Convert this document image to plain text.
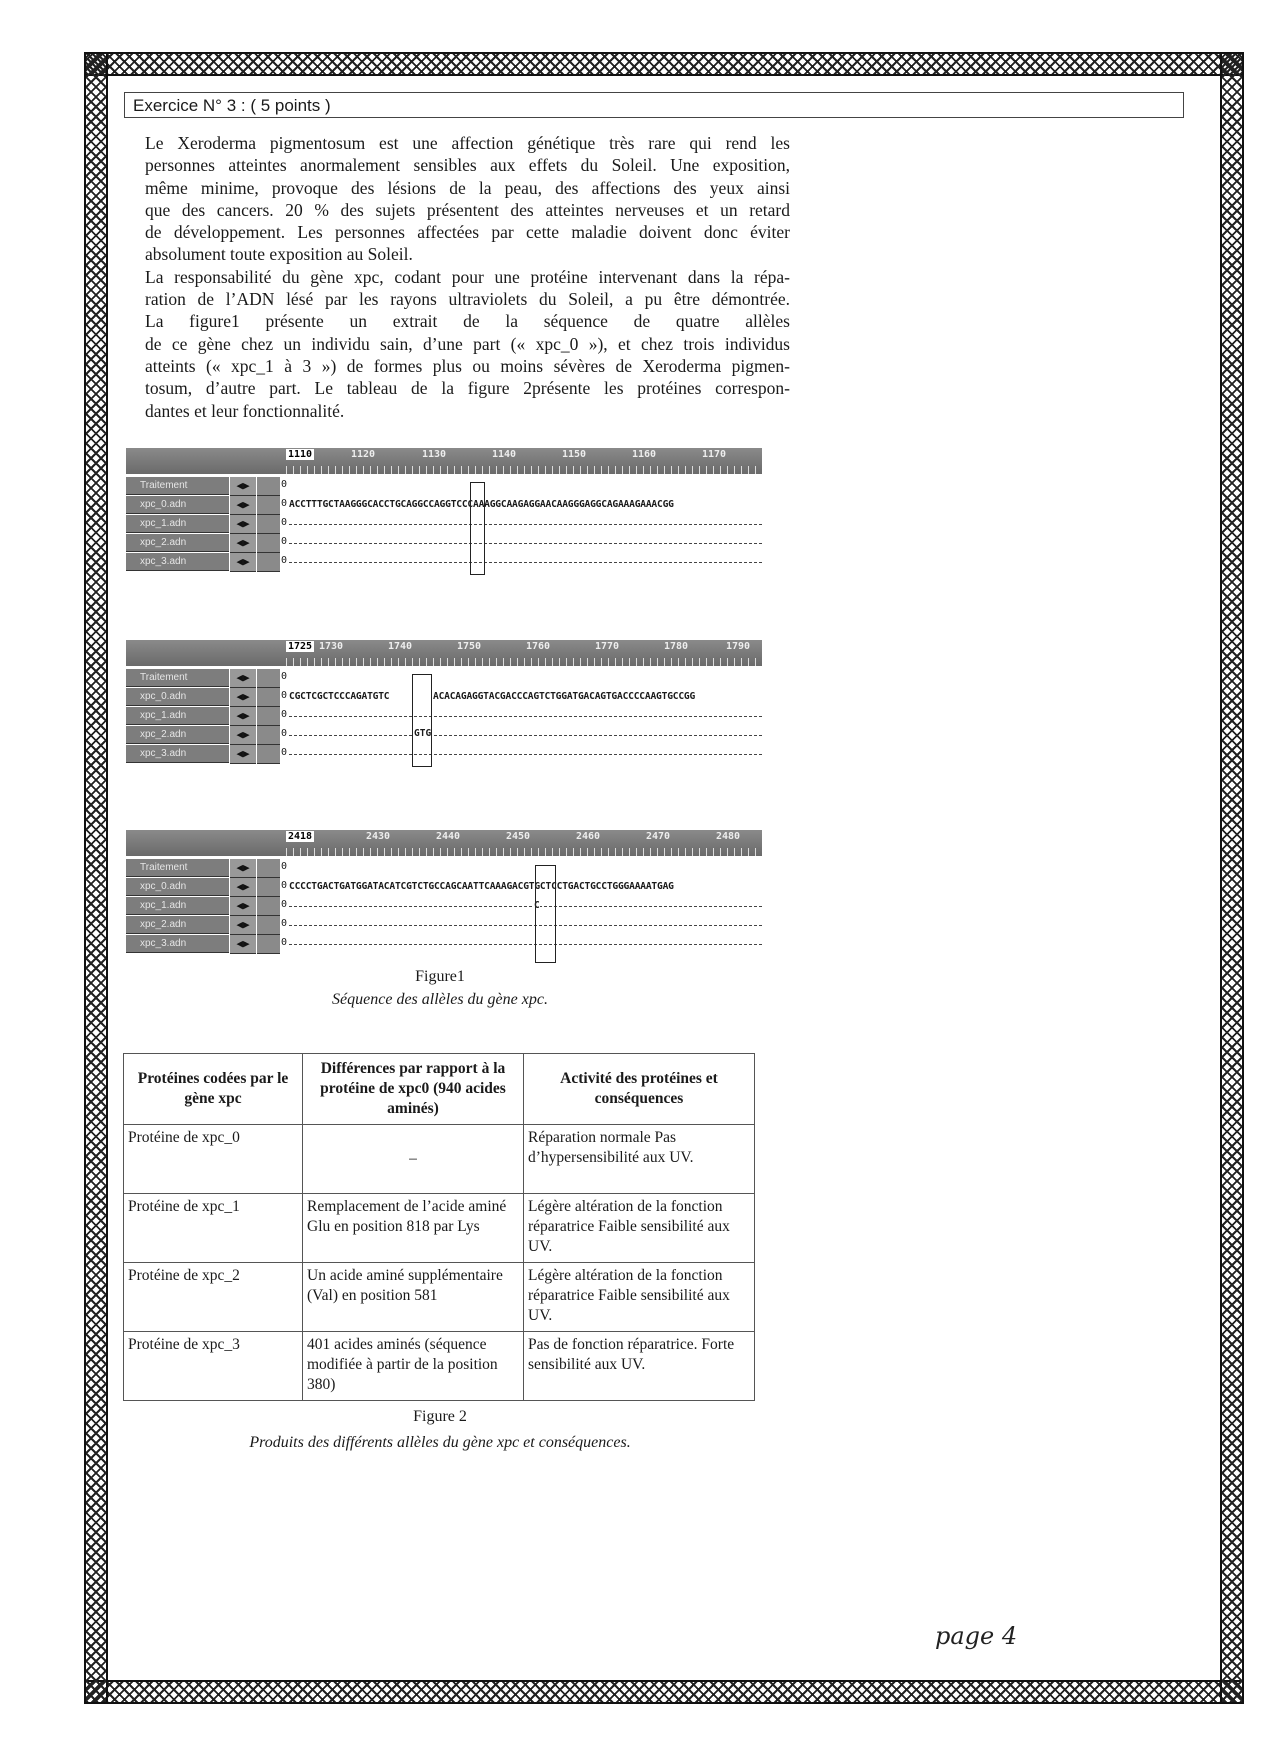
Exercice N° 3 : ( 5 points )
Le Xeroderma pigmentosum est une affection génétique très rare qui rend les
personnes atteintes anormalement sensibles aux effets du Soleil. Une exposition,
même minime, provoque des lésions de la peau, des affections des yeux ainsi
que des cancers. 20 % des sujets présentent des atteintes nerveuses et un retard
de développement. Les personnes affectées par cette maladie doivent donc éviter
absolument toute exposition au Soleil.
La responsabilité du gène xpc, codant pour une protéine intervenant dans la répa-
ration de l’ADN lésé par les rayons ultraviolets du Soleil, a pu être démontrée.
La figure1 présente un extrait de la séquence de quatre allèles
de ce gène chez un individu sain, d’une part (« xpc_0 »), et chez trois individus
atteints (« xpc_1 à 3 ») de formes plus ou moins sévères de Xeroderma pigmen-
tosum, d’autre part. Le tableau de la figure 2présente les protéines correspon-
dantes et leur fonctionnalité.
1110	1120	1130	1140	1150	1160	1170
Traitement	◀▶	0
xpc_0.adn	◀▶	0 ACCTTTGCTAAGGGCACCTGCAGGCCAGGTCCCAAAGGCAAGAGGAACAAGGGAGGCAGAAAGAAACGG
xpc_1.adn	◀▶	0
xpc_2.adn	◀▶	0
xpc_3.adn	◀▶	0
1725 1730	1740	1750	1760	1770	1780	1790
Traitement	◀▶	0
xpc_0.adn	◀▶	0 CGCTCGCTCCCAGATGTC	ACACAGAGGTACGACCCAGTCTGGATGACAGTGACCCCAAGTGCCGG
xpc_1.adn	◀▶	0
xpc_2.adn	◀▶	0	GTG
xpc_3.adn	◀▶	0
2418	2430	2440	2450	2460	2470	2480
Traitement	◀▶	0
xpc_0.adn	◀▶	0 CCCCTGACTGATGGATACATCGTCTGCCAGCAATTCAAAGACGTGCTCCTGACTGCCTGGGAAAATGAG
xpc_1.adn	◀▶	0	C
xpc_2.adn	◀▶	0
xpc_3.adn	◀▶	0
Figure1
Séquence des allèles du gène xpc.
Protéines codées par le gène xpc	Différences par rapport à la protéine de xpc0 (940 acides aminés)	Activité des protéines et conséquences
Protéine de xpc_0	–	Réparation normale Pas d’hypersensibilité aux UV.
Protéine de xpc_1	Remplacement de l’acide aminé Glu en position 818 par Lys	Légère altération de la fonction réparatrice Faible sensibilité aux UV.
Protéine de xpc_2	Un acide aminé supplémentaire (Val) en position 581	Légère altération de la fonction réparatrice Faible sensibilité aux UV.
Protéine de xpc_3	401 acides aminés (séquence modifiée à partir de la position 380)	Pas de fonction réparatrice. Forte sensibilité aux UV.
Figure 2
Produits des différents allèles du gène xpc et conséquences.
page 4
